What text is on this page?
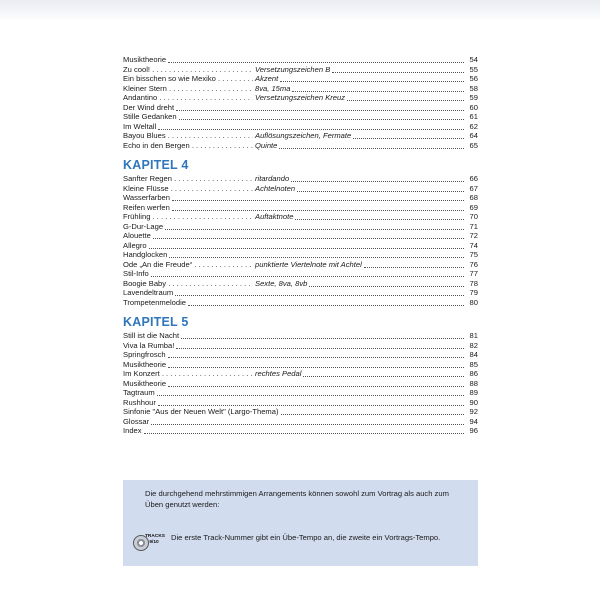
Musiktheorie	54
Zu cool! . . .	Versetzungszeichen B	55
Ein bisschen so wie Mexiko . . .	Akzent	56
Kleiner Stern . . .	8va, 15ma	58
Andantino . . .	Versetzungszeichen Kreuz	59
Der Wind dreht	60
Stille Gedanken	61
Im Weltall	62
Bayou Blues . . .	Auflösungszeichen, Fermate	64
Echo in den Bergen . . .	Quinte	65
KAPITEL 4
Sanfter Regen . . .	ritardando	66
Kleine Flüsse . . .	Achtelnoten	67
Wasserfarben	68
Reifen werfen	69
Frühling . . .	Auftaktnote	70
G-Dur-Lage	71
Alouette	72
Allegro	74
Handglocken	75
Ode „An die Freude“ . . .	punktierte Viertelnote mit Achtel	76
Stil-Info	77
Boogie Baby . . .	Sexte, 8va, 8vb	78
Lavendeltraum	79
Trompetenmelodie	80
KAPITEL 5
Still ist die Nacht	81
Viva la Rumba!	82
Springfrosch	84
Musiktheorie	85
Im Konzert . . .	rechtes Pedal	86
Musiktheorie	88
Tagtraum	89
Rushhour	90
Sinfonie "Aus der Neuen Welt" (Largo-Thema)	92
Glossar	94
Index	96
Die durchgehend mehrstimmigen Arrangements können sowohl zum Vortrag als auch zum Üben genutzt werden:
TRACKS
9/10
Die erste Track-Nummer gibt ein Übe-Tempo an, die zweite ein Vortrags-Tempo.
